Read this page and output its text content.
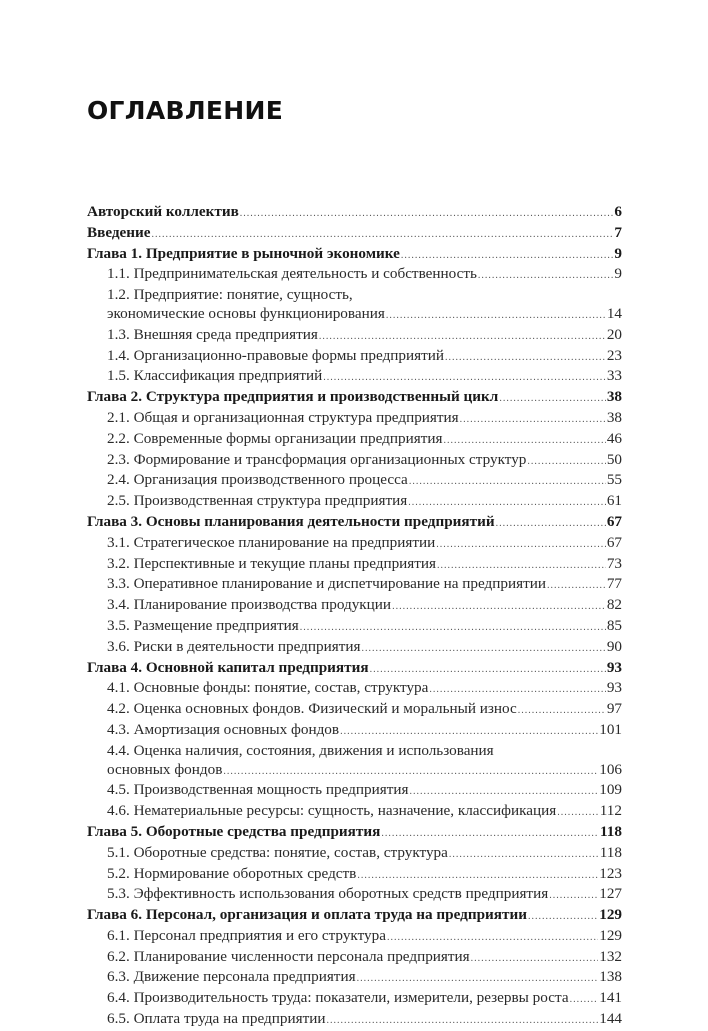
ОГЛАВЛЕНИЕ
Авторский коллектив .....	6
Введение .....	7
Глава 1. Предприятие в рыночной экономике .....	9
1.1. Предпринимательская деятельность и собственность .....	9
1.2. Предприятие: понятие, сущность,
экономические основы функционирования .....	14
1.3. Внешняя среда предприятия .....	20
1.4. Организационно-правовые формы предприятий .....	23
1.5. Классификация предприятий .....	33
Глава 2. Структура предприятия и производственный цикл .....	38
2.1. Общая и организационная структура предприятия .....	38
2.2. Современные формы организации предприятия .....	46
2.3. Формирование и трансформация организационных структур .....	50
2.4. Организация производственного процесса .....	55
2.5. Производственная структура предприятия .....	61
Глава 3. Основы планирования деятельности предприятий .....	67
3.1. Стратегическое планирование на предприятии .....	67
3.2. Перспективные и текущие планы предприятия .....	73
3.3. Оперативное планирование и диспетчирование на предприятии .....	77
3.4. Планирование производства продукции .....	82
3.5. Размещение предприятия .....	85
3.6. Риски в деятельности предприятия .....	90
Глава 4. Основной капитал предприятия .....	93
4.1. Основные фонды: понятие, состав, структура .....	93
4.2. Оценка основных фондов. Физический и моральный износ .....	97
4.3. Амортизация основных фондов .....	101
4.4. Оценка наличия, состояния, движения и использования
основных фондов .....	106
4.5. Производственная мощность предприятия .....	109
4.6. Нематериальные ресурсы: сущность, назначение, классификация .....	112
Глава 5. Оборотные средства предприятия .....	118
5.1. Оборотные средства: понятие, состав, структура .....	118
5.2. Нормирование оборотных средств .....	123
5.3. Эффективность использования оборотных средств предприятия .....	127
Глава 6. Персонал, организация и оплата труда на предприятии .....	129
6.1. Персонал предприятия и его структура .....	129
6.2. Планирование численности персонала предприятия .....	132
6.3. Движение персонала предприятия .....	138
6.4. Производительность труда: показатели, измерители, резервы роста ..... 141
6.5. Оплата труда на предприятии .....	144
